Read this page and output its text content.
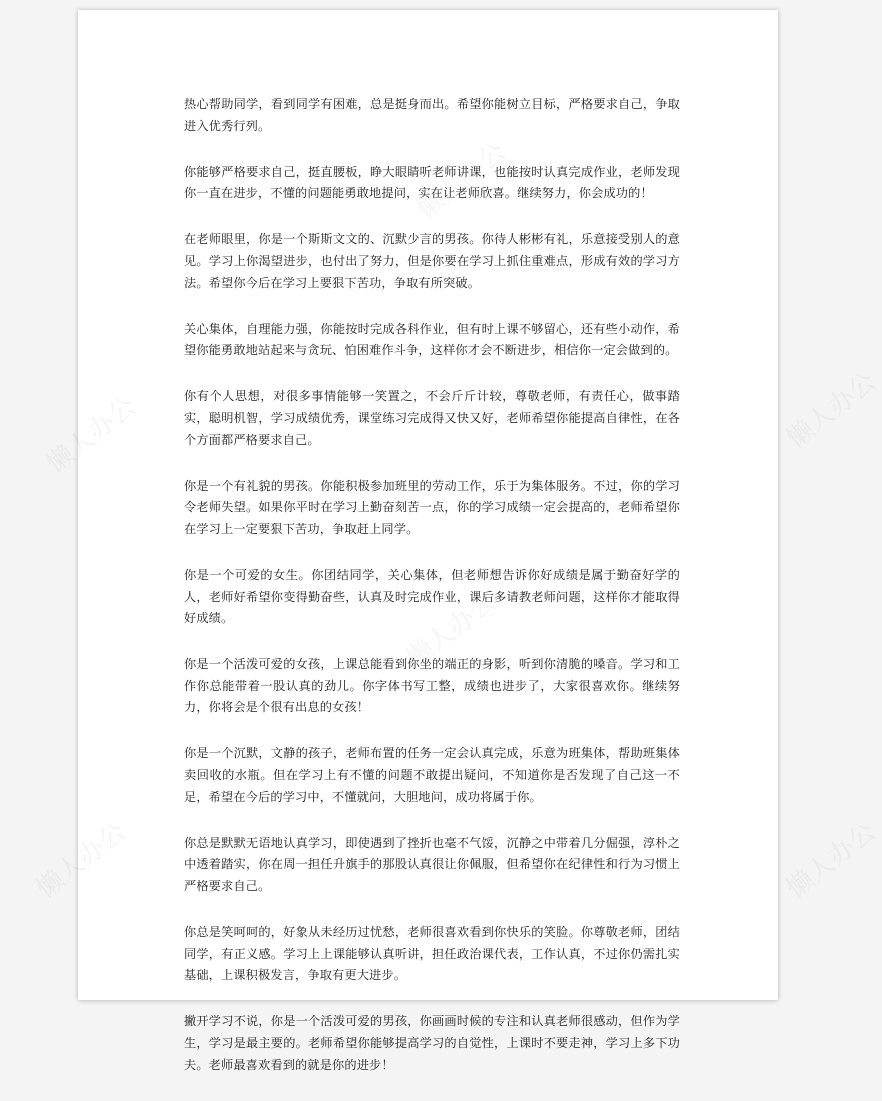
懒人办公
懒人办公
懒人办公
懒人办公
懒人办公
懒人办公

热心帮助同学，看到同学有困难，总是挺身而出。希望你能树立目标，严格要求自己，争取进入优秀行列。

你能够严格要求自己，挺直腰板，睁大眼睛听老师讲课，也能按时认真完成作业，老师发现你一直在进步，不懂的问题能勇敢地提问，实在让老师欣喜。继续努力，你会成功的！

在老师眼里，你是一个斯斯文文的、沉默少言的男孩。你待人彬彬有礼，乐意接受别人的意见。学习上你渴望进步，也付出了努力，但是你要在学习上抓住重难点，形成有效的学习方法。希望你今后在学习上要狠下苦功，争取有所突破。

关心集体，自理能力强，你能按时完成各科作业，但有时上课不够留心，还有些小动作，希望你能勇敢地站起来与贪玩、怕困难作斗争，这样你才会不断进步，相信你一定会做到的。

你有个人思想，对很多事情能够一笑置之，不会斤斤计较，尊敬老师，有责任心，做事踏实，聪明机智，学习成绩优秀，课堂练习完成得又快又好，老师希望你能提高自律性，在各个方面都严格要求自己。

你是一个有礼貌的男孩。你能积极参加班里的劳动工作，乐于为集体服务。不过，你的学习令老师失望。如果你平时在学习上勤奋刻苦一点，你的学习成绩一定会提高的，老师希望你在学习上一定要狠下苦功，争取赶上同学。

你是一个可爱的女生。你团结同学，关心集体，但老师想告诉你好成绩是属于勤奋好学的人，老师好希望你变得勤奋些，认真及时完成作业，课后多请教老师问题，这样你才能取得好成绩。

你是一个活泼可爱的女孩，上课总能看到你坐的端正的身影，听到你清脆的嗓音。学习和工作你总能带着一股认真的劲儿。你字体书写工整，成绩也进步了，大家很喜欢你。继续努力，你将会是个很有出息的女孩！

你是一个沉默，文静的孩子，老师布置的任务一定会认真完成，乐意为班集体，帮助班集体卖回收的水瓶。但在学习上有不懂的问题不敢提出疑问，不知道你是否发现了自己这一不足，希望在今后的学习中，不懂就问，大胆地问，成功将属于你。

你总是默默无语地认真学习，即使遇到了挫折也毫不气馁，沉静之中带着几分倔强，淳朴之中透着踏实，你在周一担任升旗手的那股认真很让你佩服，但希望你在纪律性和行为习惯上严格要求自己。

你总是笑呵呵的，好象从未经历过忧愁，老师很喜欢看到你快乐的笑脸。你尊敬老师，团结同学，有正义感。学习上上课能够认真听讲，担任政治课代表，工作认真，不过你仍需扎实基础，上课积极发言，争取有更大进步。

撇开学习不说，你是一个活泼可爱的男孩，你画画时候的专注和认真老师很感动，但作为学生，学习是最主要的。老师希望你能够提高学习的自觉性，上课时不要走神，学习上多下功夫。老师最喜欢看到的就是你的进步！
